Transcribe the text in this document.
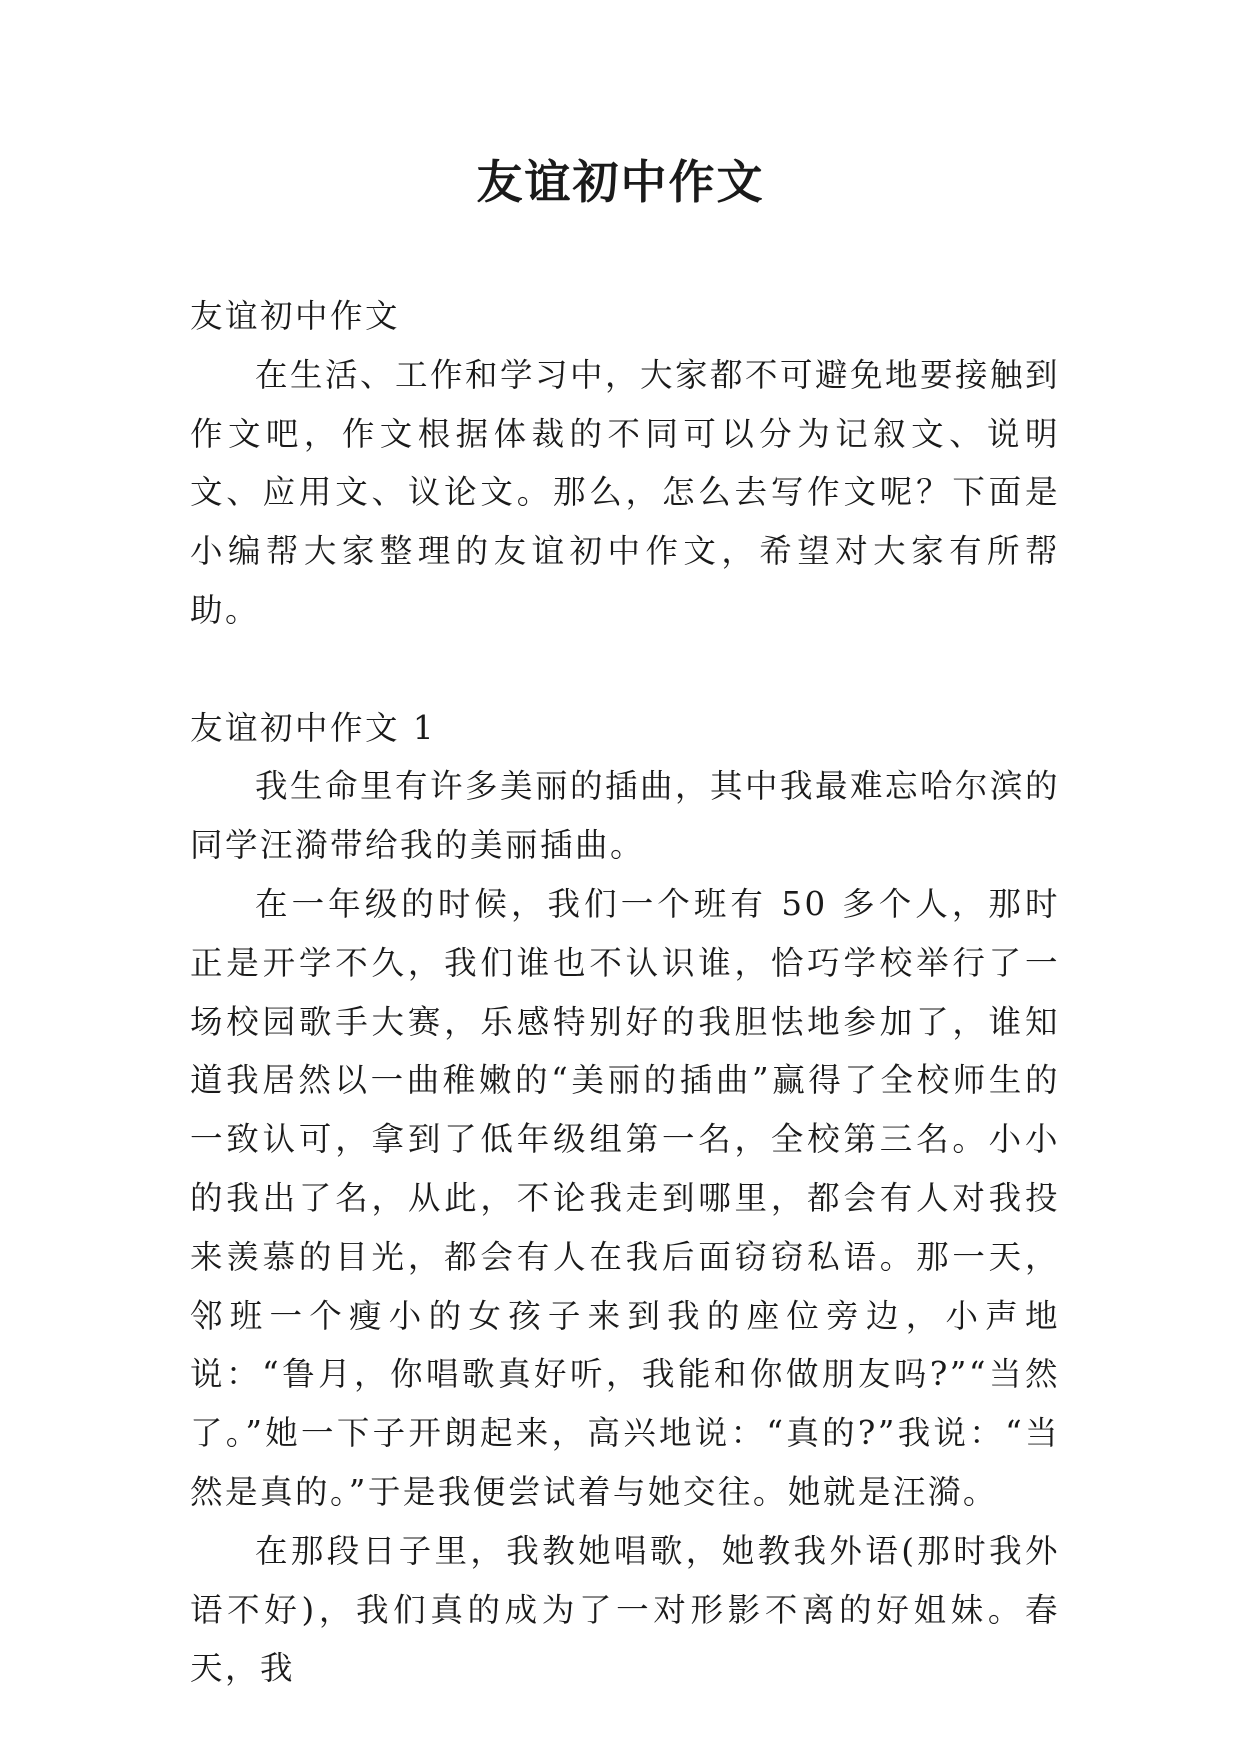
友谊初中作文

友谊初中作文

在生活、工作和学习中，大家都不可避免地要接触到作文吧，作文根据体裁的不同可以分为记叙文、说明文、应用文、议论文。那么，怎么去写作文呢？下面是小编帮大家整理的友谊初中作文，希望对大家有所帮助。

友谊初中作文 1

我生命里有许多美丽的插曲，其中我最难忘哈尔滨的同学汪漪带给我的美丽插曲。

在一年级的时候，我们一个班有 50 多个人，那时正是开学不久，我们谁也不认识谁，恰巧学校举行了一场校园歌手大赛，乐感特别好的我胆怯地参加了，谁知道我居然以一曲稚嫩的“美丽的插曲”赢得了全校师生的一致认可，拿到了低年级组第一名，全校第三名。小小的我出了名，从此，不论我走到哪里，都会有人对我投来羡慕的目光，都会有人在我后面窃窃私语。那一天，邻班一个瘦小的女孩子来到我的座位旁边，小声地说：“鲁月，你唱歌真好听，我能和你做朋友吗?”“当然了。”她一下子开朗起来，高兴地说：“真的?”我说：“当然是真的。”于是我便尝试着与她交往。她就是汪漪。

在那段日子里，我教她唱歌，她教我外语(那时我外语不好)，我们真的成为了一对形影不离的好姐妹。春天，我
